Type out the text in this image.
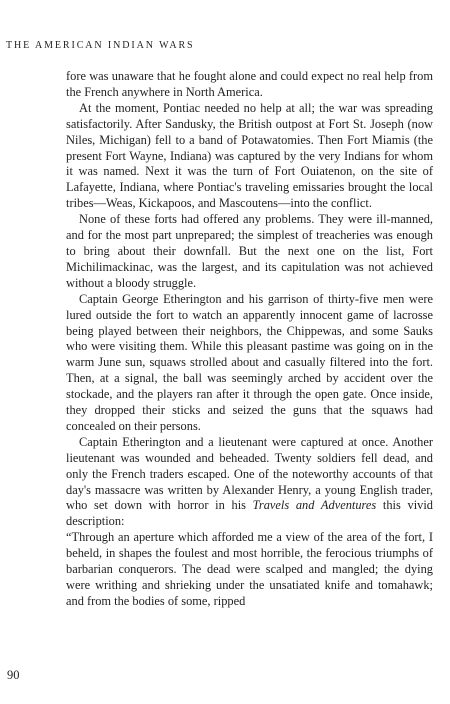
THE AMERICAN INDIAN WARS

fore was unaware that he fought alone and could expect no real help from the French anywhere in North America.

At the moment, Pontiac needed no help at all; the war was spreading satisfactorily. After Sandusky, the British outpost at Fort St. Joseph (now Niles, Michigan) fell to a band of Potawatomies. Then Fort Miamis (the present Fort Wayne, Indiana) was captured by the very Indians for whom it was named. Next it was the turn of Fort Ouiatenon, on the site of Lafayette, Indiana, where Pontiac's traveling emissaries brought the local tribes—Weas, Kickapoos, and Mascoutens—into the conflict.

None of these forts had offered any problems. They were ill-manned, and for the most part unprepared; the simplest of treacheries was enough to bring about their downfall. But the next one on the list, Fort Michilimackinac, was the largest, and its capitulation was not achieved without a bloody struggle.

Captain George Etherington and his garrison of thirty-five men were lured outside the fort to watch an apparently innocent game of lacrosse being played between their neighbors, the Chippewas, and some Sauks who were visiting them. While this pleasant pastime was going on in the warm June sun, squaws strolled about and casually filtered into the fort. Then, at a signal, the ball was seemingly arched by accident over the stockade, and the players ran after it through the open gate. Once inside, they dropped their sticks and seized the guns that the squaws had concealed on their persons.

Captain Etherington and a lieutenant were captured at once. Another lieutenant was wounded and beheaded. Twenty soldiers fell dead, and only the French traders escaped. One of the noteworthy accounts of that day's massacre was written by Alexander Henry, a young English trader, who set down with horror in his Travels and Adventures this vivid description:

“Through an aperture which afforded me a view of the area of the fort, I beheld, in shapes the foulest and most horrible, the ferocious triumphs of barbarian conquerors. The dead were scalped and mangled; the dying were writhing and shrieking under the unsatiated knife and tomahawk; and from the bodies of some, ripped

90
